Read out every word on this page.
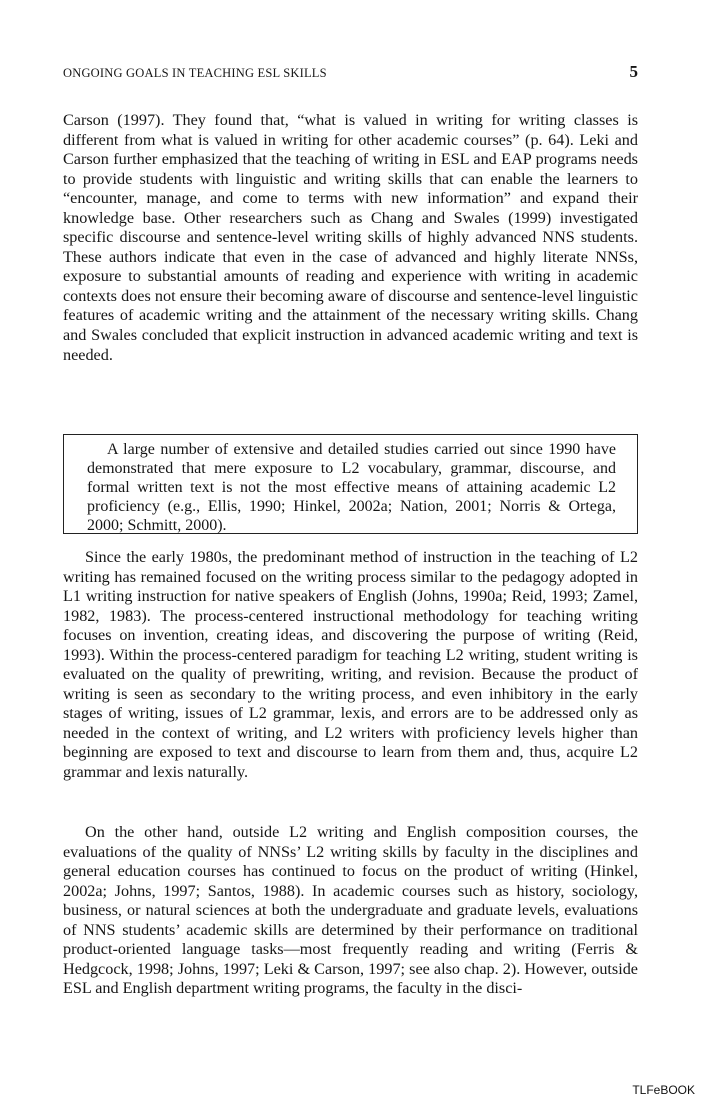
ONGOING GOALS IN TEACHING ESL SKILLS	5

Carson (1997). They found that, “what is valued in writing for writing classes is different from what is valued in writing for other academic courses” (p. 64). Leki and Carson further emphasized that the teaching of writing in ESL and EAP programs needs to provide students with linguistic and writing skills that can enable the learners to “encounter, manage, and come to terms with new information” and expand their knowledge base. Other researchers such as Chang and Swales (1999) investigated specific discourse and sentence-level writing skills of highly advanced NNS students. These authors indicate that even in the case of advanced and highly literate NNSs, exposure to substantial amounts of reading and experience with writing in academic contexts does not ensure their becoming aware of discourse and sentence-level linguistic features of academic writing and the attainment of the necessary writing skills. Chang and Swales concluded that explicit instruction in advanced academic writing and text is needed.

A large number of extensive and detailed studies carried out since 1990 have demonstrated that mere exposure to L2 vocabulary, grammar, discourse, and formal written text is not the most effective means of attaining academic L2 proficiency (e.g., Ellis, 1990; Hinkel, 2002a; Nation, 2001; Norris & Ortega, 2000; Schmitt, 2000).

Since the early 1980s, the predominant method of instruction in the teaching of L2 writing has remained focused on the writing process similar to the pedagogy adopted in L1 writing instruction for native speakers of English (Johns, 1990a; Reid, 1993; Zamel, 1982, 1983). The process-centered instructional methodology for teaching writing focuses on invention, creating ideas, and discovering the purpose of writing (Reid, 1993). Within the process-centered paradigm for teaching L2 writing, student writing is evaluated on the quality of prewriting, writing, and revision. Because the product of writing is seen as secondary to the writing process, and even inhibitory in the early stages of writing, issues of L2 grammar, lexis, and errors are to be addressed only as needed in the context of writing, and L2 writers with proficiency levels higher than beginning are exposed to text and discourse to learn from them and, thus, acquire L2 grammar and lexis naturally.

On the other hand, outside L2 writing and English composition courses, the evaluations of the quality of NNSs’ L2 writing skills by faculty in the disciplines and general education courses has continued to focus on the product of writing (Hinkel, 2002a; Johns, 1997; Santos, 1988). In academic courses such as history, sociology, business, or natural sciences at both the undergraduate and graduate levels, evaluations of NNS students’ academic skills are determined by their performance on traditional product-oriented language tasks—most frequently reading and writing (Ferris & Hedgcock, 1998; Johns, 1997; Leki & Carson, 1997; see also chap. 2). However, outside ESL and English department writing programs, the faculty in the disci-

TLFeBOOK
